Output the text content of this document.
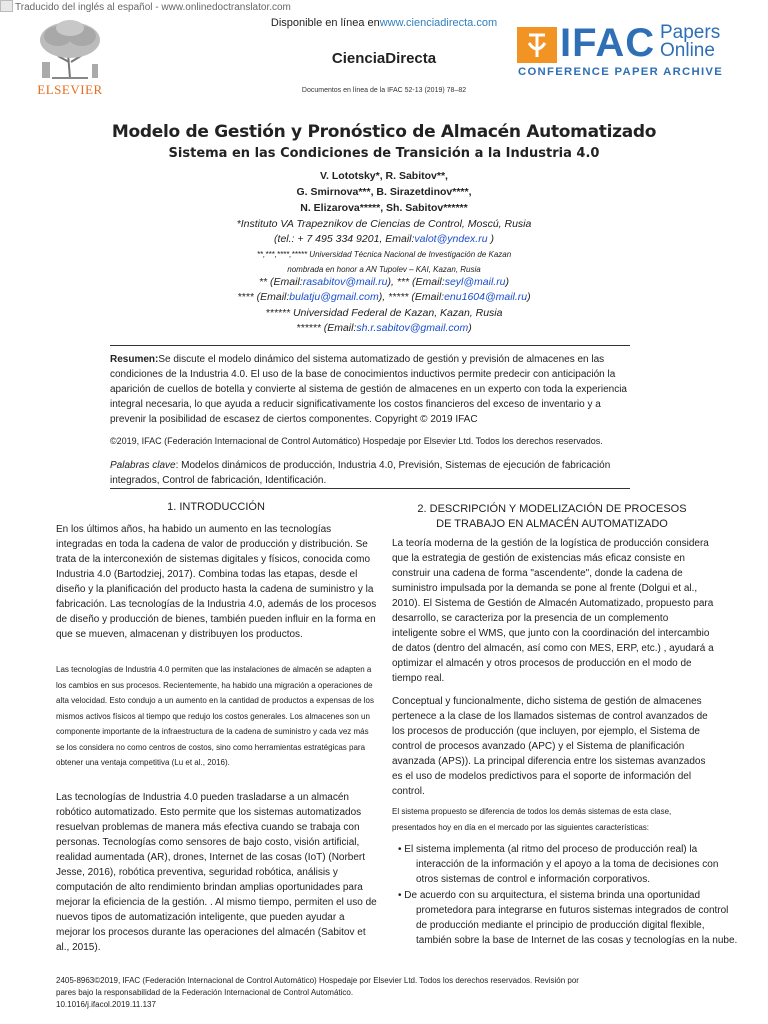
Traducido del inglés al español - www.onlinedoctranslator.com
ELSEVIER
Disponible en línea enwww.cienciadirecta.com
CienciaDirecta
Documentos en línea de la IFAC 52-13 (2019) 78–82
IFAC Papers
Online
CONFERENCE PAPER ARCHIVE
Modelo de Gestión y Pronóstico de Almacén Automatizado
Sistema en las Condiciones de Transición a la Industria 4.0
V. Lototsky*, R. Sabitov**,
G. Smirnova***, B. Sirazetdinov****,
N. Elizarova*****, Sh. Sabitov******
*Instituto VA Trapeznikov de Ciencias de Control, Moscú, Rusia
(tel.: + 7 495 334 9201, Email:valot@yndex.ru )
**,***,****,***** Universidad Técnica Nacional de Investigación de Kazan
nombrada en honor a AN Tupolev – KAI, Kazan, Rusia
** (Email:rasabitov@mail.ru), *** (Email:seyl@mail.ru)
**** (Email:bulatju@gmail.com), ***** (Email:enu1604@mail.ru)
****** Universidad Federal de Kazan, Kazan, Rusia
****** (Email:sh.r.sabitov@gmail.com)
Resumen:Se discute el modelo dinámico del sistema automatizado de gestión y previsión de almacenes en las condiciones de la Industria 4.0. El uso de la base de conocimientos inductivos permite predecir con anticipación la aparición de cuellos de botella y convierte al sistema de gestión de almacenes en un experto con toda la experiencia integral necesaria, lo que ayuda a reducir significativamente los costos financieros del exceso de inventario y a prevenir la posibilidad de escasez de ciertos componentes. Copyright © 2019 IFAC
©2019, IFAC (Federación Internacional de Control Automático) Hospedaje por Elsevier Ltd. Todos los derechos reservados.
Palabras clave: Modelos dinámicos de producción, Industria 4.0, Previsión, Sistemas de ejecución de fabricación integrados, Control de fabricación, Identificación.
1. INTRODUCCIÓN
En los últimos años, ha habido un aumento en las tecnologías integradas en toda la cadena de valor de producción y distribución. Se trata de la interconexión de sistemas digitales y físicos, conocida como Industria 4.0 (Bartodziej, 2017). Combina todas las etapas, desde el diseño y la planificación del producto hasta la cadena de suministro y la fabricación. Las tecnologías de la Industria 4.0, además de los procesos de diseño y producción de bienes, también pueden influir en la forma en que se mueven, almacenan y distribuyen los productos.
Las tecnologías de Industria 4.0 permiten que las instalaciones de almacén se adapten a los cambios en sus procesos. Recientemente, ha habido una migración a operaciones de alta velocidad. Esto condujo a un aumento en la cantidad de productos a expensas de los mismos activos físicos al tiempo que redujo los costos generales. Los almacenes son un componente importante de la infraestructura de la cadena de suministro y cada vez más se los considera no como centros de costos, sino como herramientas estratégicas para obtener una ventaja competitiva (Lu et al., 2016).
Las tecnologías de Industria 4.0 pueden trasladarse a un almacén robótico automatizado. Esto permite que los sistemas automatizados resuelvan problemas de manera más efectiva cuando se trabaja con personas. Tecnologías como sensores de bajo costo, visión artificial, realidad aumentada (AR), drones, Internet de las cosas (IoT) (Norbert Jesse, 2016), robótica preventiva, seguridad robótica, análisis y computación de alto rendimiento brindan amplias oportunidades para mejorar la eficiencia de la gestión. . Al mismo tiempo, permiten el uso de nuevos tipos de automatización inteligente, que pueden ayudar a mejorar los procesos durante las operaciones del almacén (Sabitov et al., 2015).
2. DESCRIPCIÓN Y MODELIZACIÓN DE PROCESOS
DE TRABAJO EN ALMACÉN AUTOMATIZADO
La teoría moderna de la gestión de la logística de producción considera que la estrategia de gestión de existencias más eficaz consiste en construir una cadena de forma "ascendente", donde la cadena de suministro impulsada por la demanda se pone al frente (Dolgui et al., 2010). El Sistema de Gestión de Almacén Automatizado, propuesto para desarrollo, se caracteriza por la presencia de un complemento inteligente sobre el WMS, que junto con la coordinación del intercambio de datos (dentro del almacén, así como con MES, ERP, etc.) , ayudará a optimizar el almacén y otros procesos de producción en el modo de tiempo real.
Conceptual y funcionalmente, dicho sistema de gestión de almacenes pertenece a la clase de los llamados sistemas de control avanzados de los procesos de producción (que incluyen, por ejemplo, el Sistema de control de procesos avanzado (APC) y el Sistema de planificación avanzada (APS)). La principal diferencia entre los sistemas avanzados es el uso de modelos predictivos para el soporte de información del control.
El sistema propuesto se diferencia de todos los demás sistemas de esta clase, presentados hoy en día en el mercado por las siguientes características:
• El sistema implementa (al ritmo del proceso de producción real) la interacción de la información y el apoyo a la toma de decisiones con otros sistemas de control e información corporativos.
• De acuerdo con su arquitectura, el sistema brinda una oportunidad prometedora para integrarse en futuros sistemas integrados de control de producción mediante el principio de producción digital flexible, también sobre la base de Internet de las cosas y tecnologías en la nube.
2405-8963©2019, IFAC (Federación Internacional de Control Automático) Hospedaje por Elsevier Ltd. Todos los derechos reservados. Revisión por
pares bajo la responsabilidad de la Federación Internacional de Control Automático.
10.1016/j.ifacol.2019.11.137
